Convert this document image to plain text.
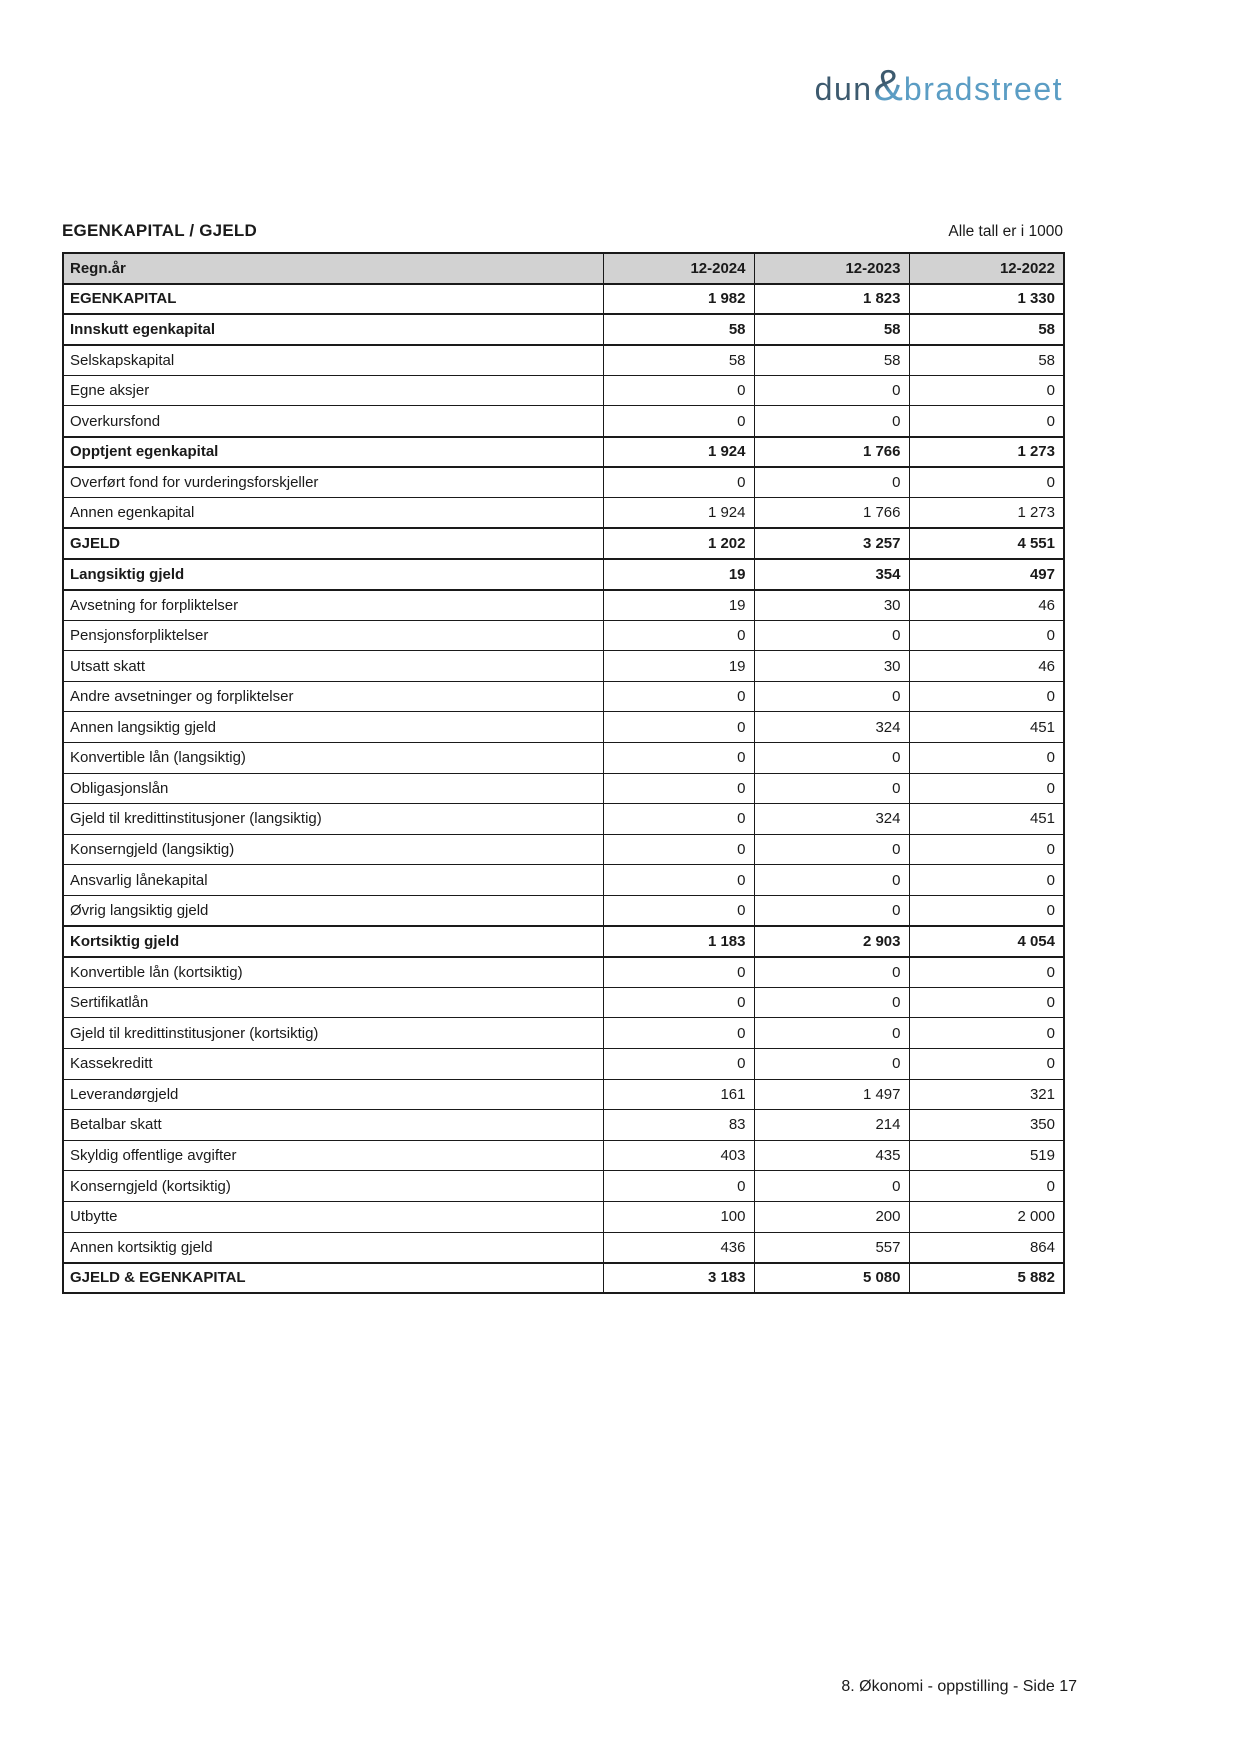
dun & bradstreet
EGENKAPITAL / GJELD	Alle tall er i 1000
Regn.år	12-2024	12-2023	12-2022
EGENKAPITAL	1 982	1 823	1 330
Innskutt egenkapital	58	58	58
Selskapskapital	58	58	58
Egne aksjer	0	0	0
Overkursfond	0	0	0
Opptjent egenkapital	1 924	1 766	1 273
Overført fond for vurderingsforskjeller	0	0	0
Annen egenkapital	1 924	1 766	1 273
GJELD	1 202	3 257	4 551
Langsiktig gjeld	19	354	497
Avsetning for forpliktelser	19	30	46
Pensjonsforpliktelser	0	0	0
Utsatt skatt	19	30	46
Andre avsetninger og forpliktelser	0	0	0
Annen langsiktig gjeld	0	324	451
Konvertible lån (langsiktig)	0	0	0
Obligasjonslån	0	0	0
Gjeld til kredittinstitusjoner (langsiktig)	0	324	451
Konserngjeld (langsiktig)	0	0	0
Ansvarlig lånekapital	0	0	0
Øvrig langsiktig gjeld	0	0	0
Kortsiktig gjeld	1 183	2 903	4 054
Konvertible lån (kortsiktig)	0	0	0
Sertifikatlån	0	0	0
Gjeld til kredittinstitusjoner (kortsiktig)	0	0	0
Kassekreditt	0	0	0
Leverandørgjeld	161	1 497	321
Betalbar skatt	83	214	350
Skyldig offentlige avgifter	403	435	519
Konserngjeld (kortsiktig)	0	0	0
Utbytte	100	200	2 000
Annen kortsiktig gjeld	436	557	864
GJELD & EGENKAPITAL	3 183	5 080	5 882
8. Økonomi - oppstilling - Side 17
